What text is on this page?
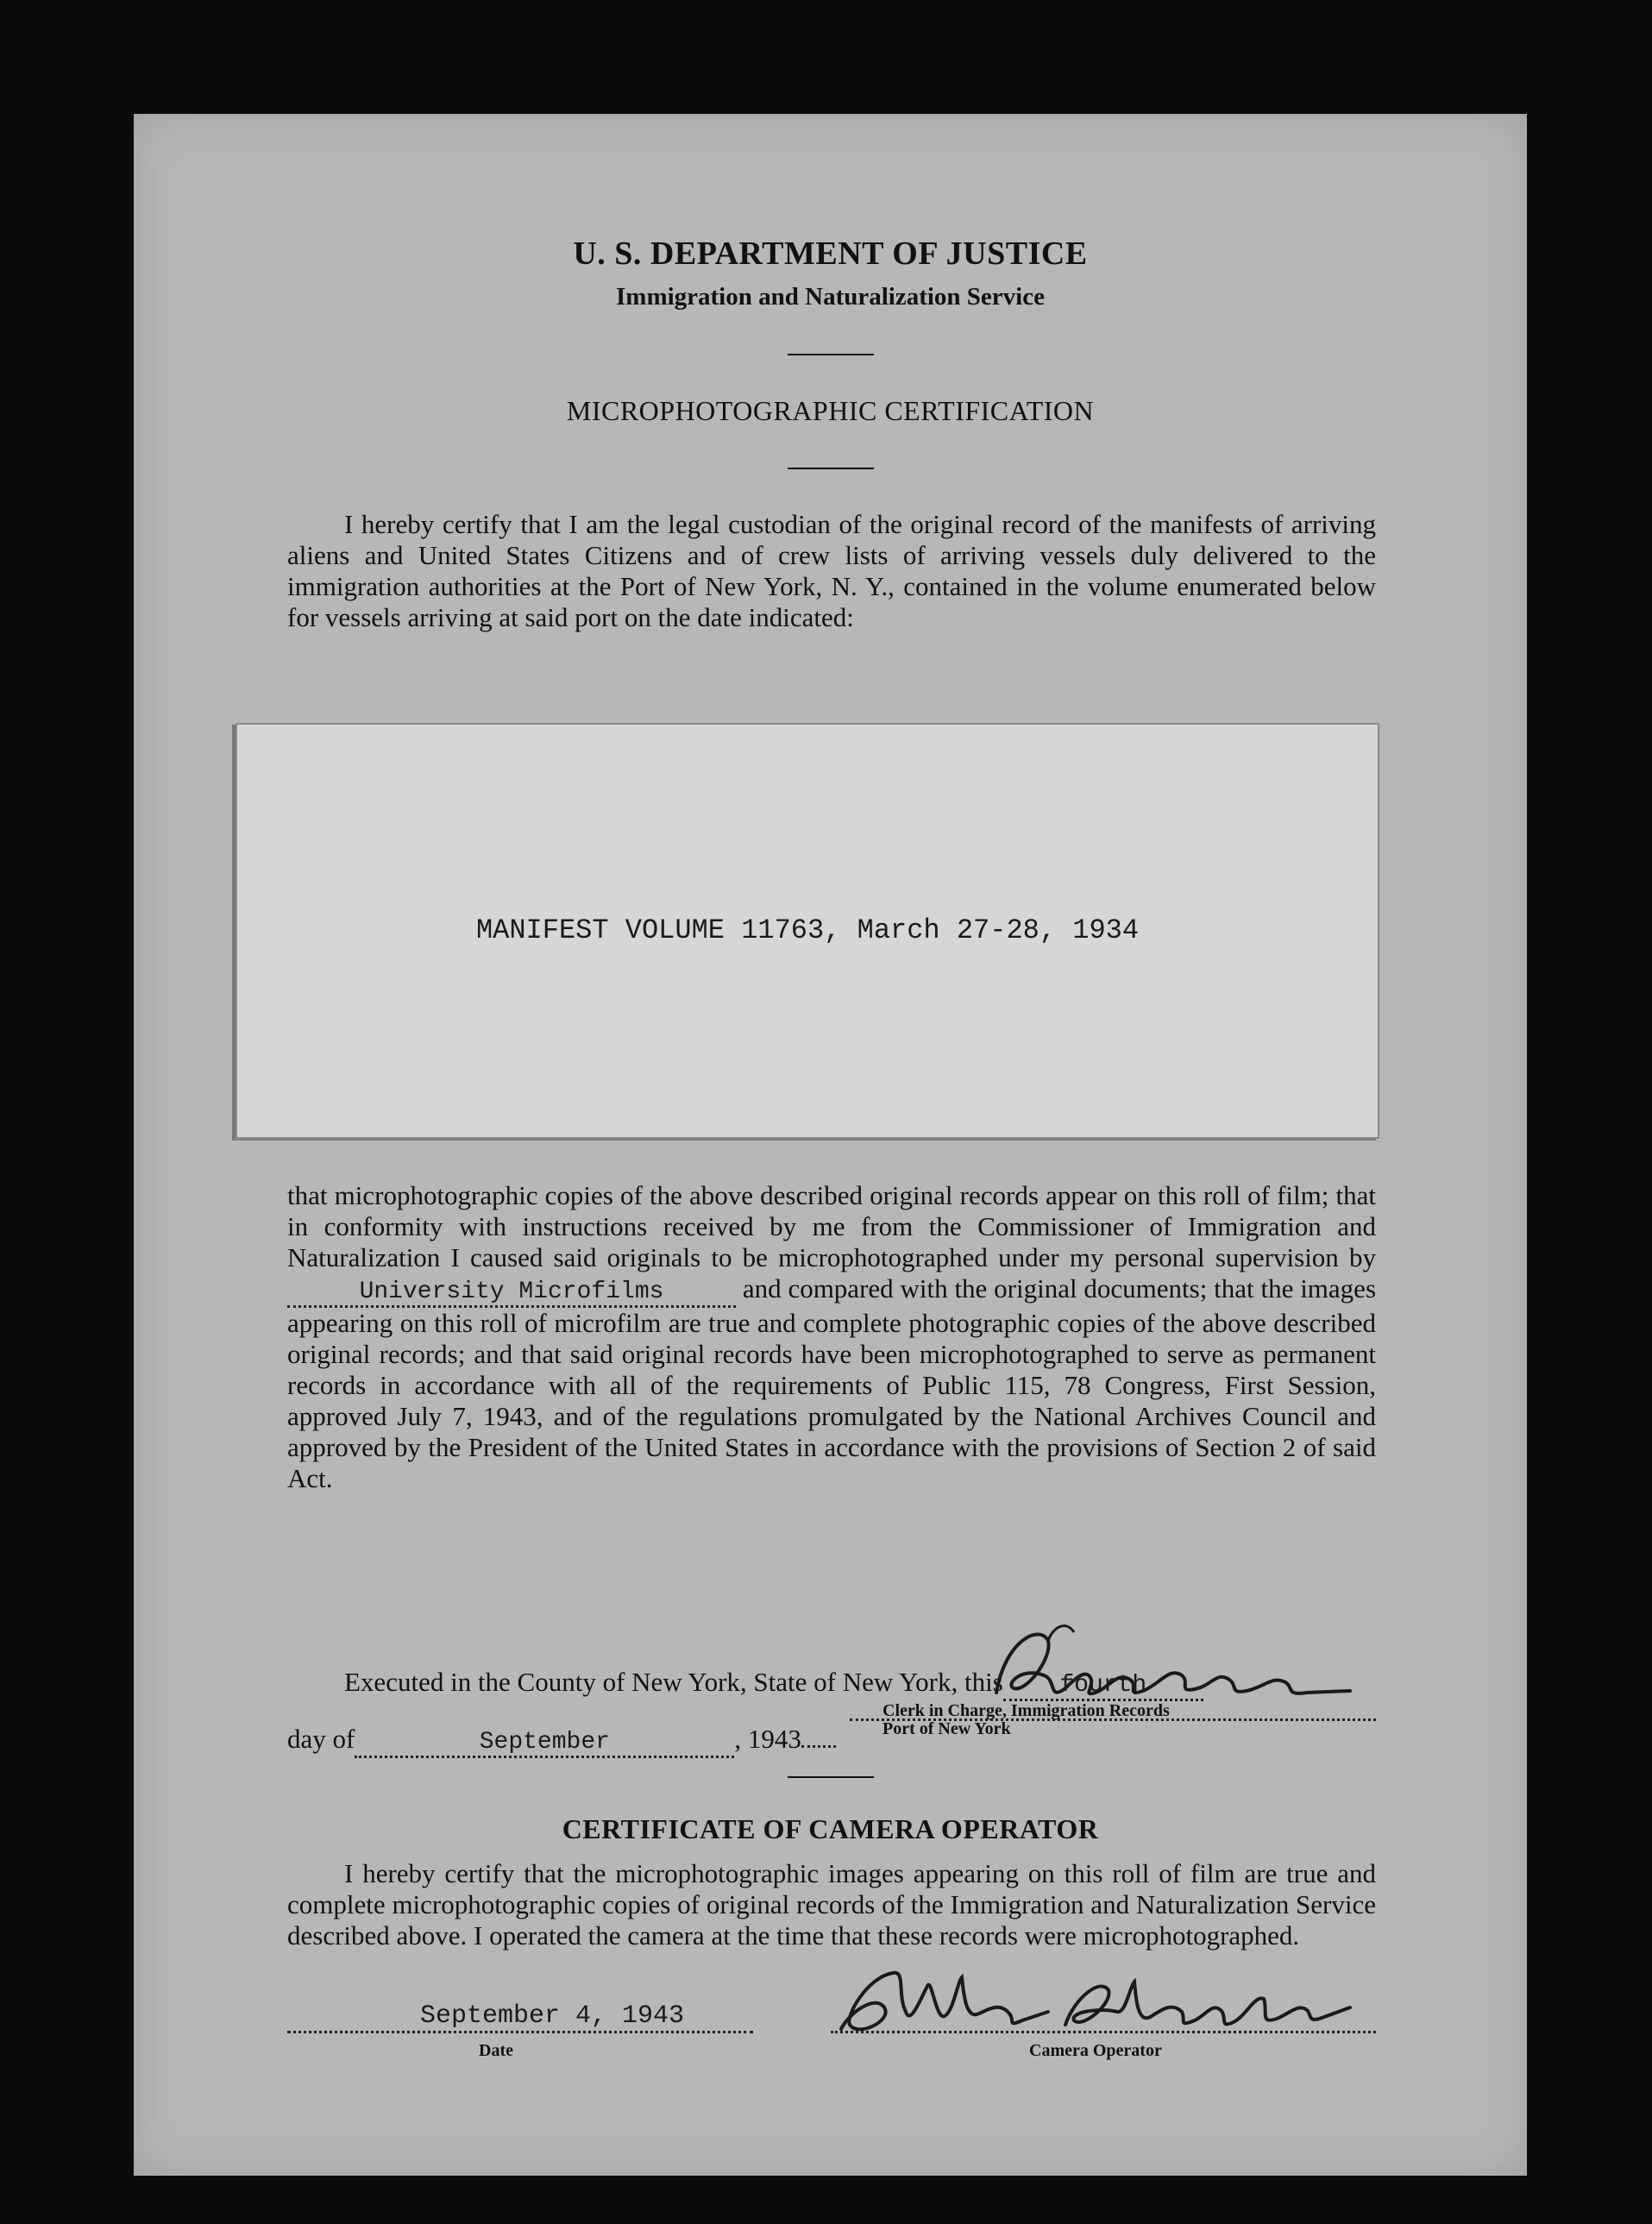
U. S. DEPARTMENT OF JUSTICE
Immigration and Naturalization Service
MICROPHOTOGRAPHIC CERTIFICATION
I hereby certify that I am the legal custodian of the original record of the manifests of arriving aliens and United States Citizens and of crew lists of arriving vessels duly delivered to the immigration authorities at the Port of New York, N. Y., contained in the volume enumerated below for vessels arriving at said port on the date indicated:
MANIFEST VOLUME 11763, March 27-28, 1934
that microphotographic copies of the above described original records appear on this roll of film; that in conformity with instructions received by me from the Commissioner of Immigration and Naturalization I caused said originals to be microphotographed under my personal supervision by University Microfilms	and compared with the original documents; that the images appearing on this roll of microfilm are true and complete photographic copies of the above described original records; and that said original records have been microphotographed to serve as permanent records in accordance with all of the requirements of Public 115, 78 Congress, First Session, approved July 7, 1943, and of the regulations promulgated by the National Archives Council and approved by the President of the United States in accordance with the provisions of Section 2 of said Act.
Executed in the County of New York, State of New York, this fourth
day of	September	, 1943
Clerk in Charge, Immigration Records
Port of New York
CERTIFICATE OF CAMERA OPERATOR
I hereby certify that the microphotographic images appearing on this roll of film are true and complete microphotographic copies of original records of the Immigration and Naturalization Service described above. I operated the camera at the time that these records were microphotographed.
September 4, 1943
Date	Camera Operator
